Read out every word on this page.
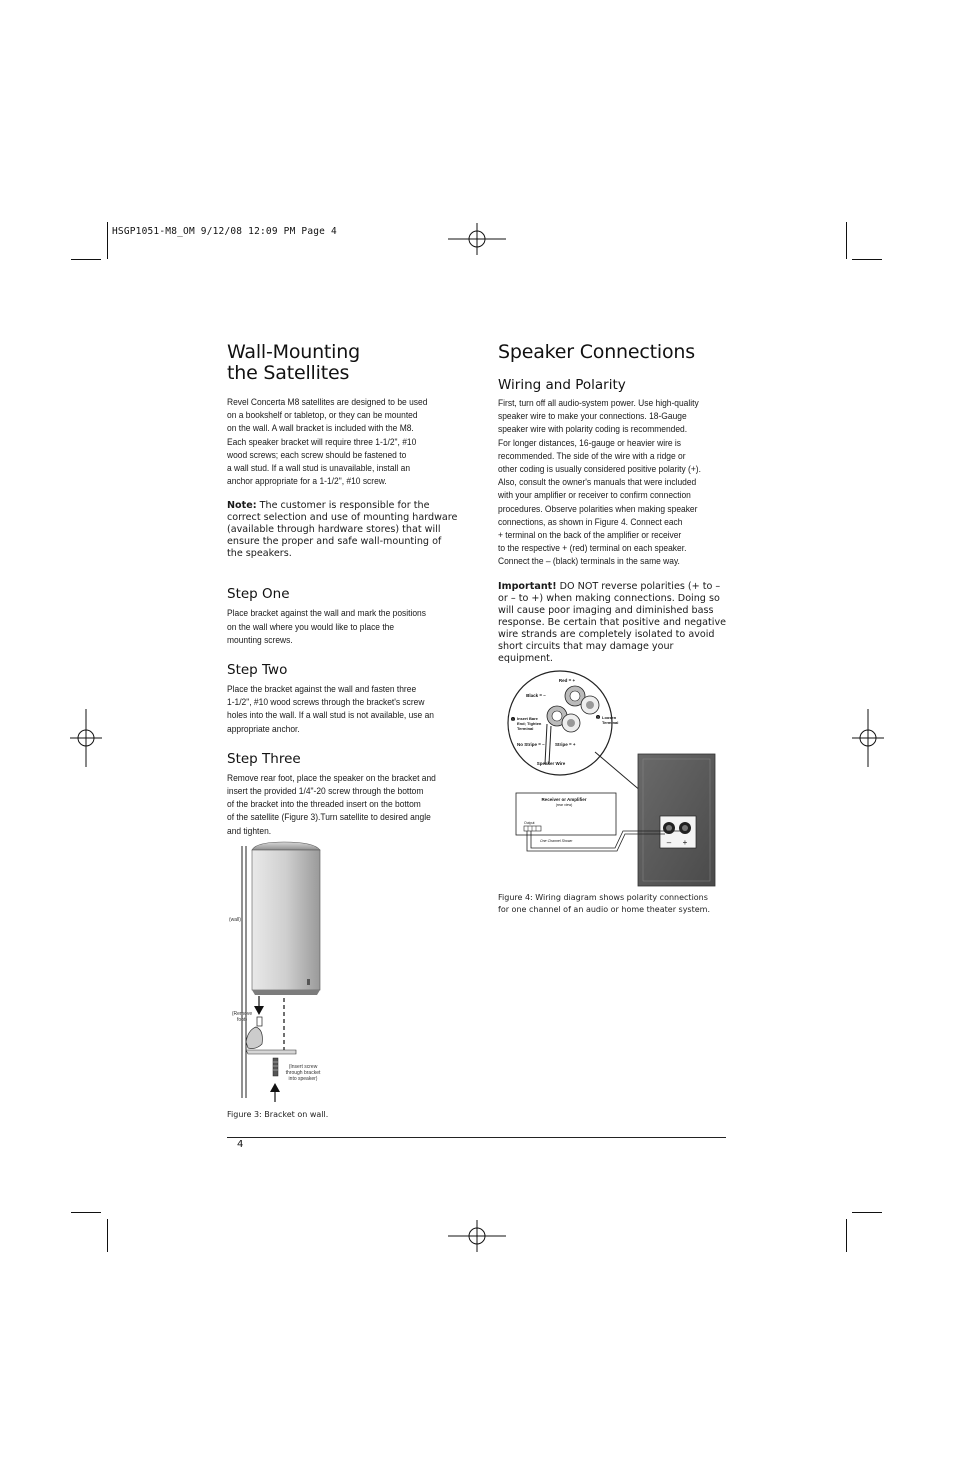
HSGP1051-M8_OM 9/12/08 12:09 PM Page 4
Wall-Mounting
the Satellites
Revel Concerta M8 satellites are designed to be used
on a bookshelf or tabletop, or they can be mounted
on the wall. A wall bracket is included with the M8.
Each speaker bracket will require three 1-1/2", #10
wood screws; each screw should be fastened to
a wall stud. If a wall stud is unavailable, install an
anchor appropriate for a 1-1/2", #10 screw.

Note: The customer is responsible for the correct selection and use of mounting hardware (available through hardware stores) that will ensure the proper and safe wall-mounting of the speakers.

Step One
Place bracket against the wall and mark the positions
on the wall where you would like to place the
mounting screws.
Step Two
Place the bracket against the wall and fasten three
1-1/2", #10 wood screws through the bracket's screw
holes into the wall. If a wall stud is not available, use an
appropriate anchor.
Step Three
Remove rear foot, place the speaker on the bracket and
insert the provided 1/4"-20 screw through the bottom
of the bracket into the threaded insert on the bottom
of the satellite (Figure 3).Turn satellite to desired angle
and tighten.
(wall)
(Remove
foot)
(Insert screw
through bracket
into speaker)
Figure 3: Bracket on wall.
Speaker Connections
Wiring and Polarity
First, turn off all audio-system power. Use high-quality
speaker wire to make your connections. 18-Gauge
speaker wire with polarity coding is recommended.
For longer distances, 16-gauge or heavier wire is
recommended. The side of the wire with a ridge or
other coding is usually considered positive polarity (+).
Also, consult the owner's manuals that were included
with your amplifier or receiver to confirm connection
procedures. Observe polarities when making speaker
connections, as shown in Figure 4. Connect each
+ terminal on the back of the amplifier or receiver
to the respective + (red) terminal on each speaker.
Connect the – (black) terminals in the same way.

Important! DO NOT reverse polarities (+ to – or – to +) when making connections. Doing so will cause poor imaging and diminished bass response. Be certain that positive and negative wire strands are completely isolated to avoid short circuits that may damage your equipment.

Red = +
Black = –
1 Insert Bare
End; Tighten
Terminal
2 Loosen
Terminal
No Stripe = – Stripe = +
Speaker Wire
– +
Receiver or Amplifier
(rear view)
Output
One Channel Shown
Figure 4: Wiring diagram shows polarity connections
for one channel of an audio or home theater system.
4
